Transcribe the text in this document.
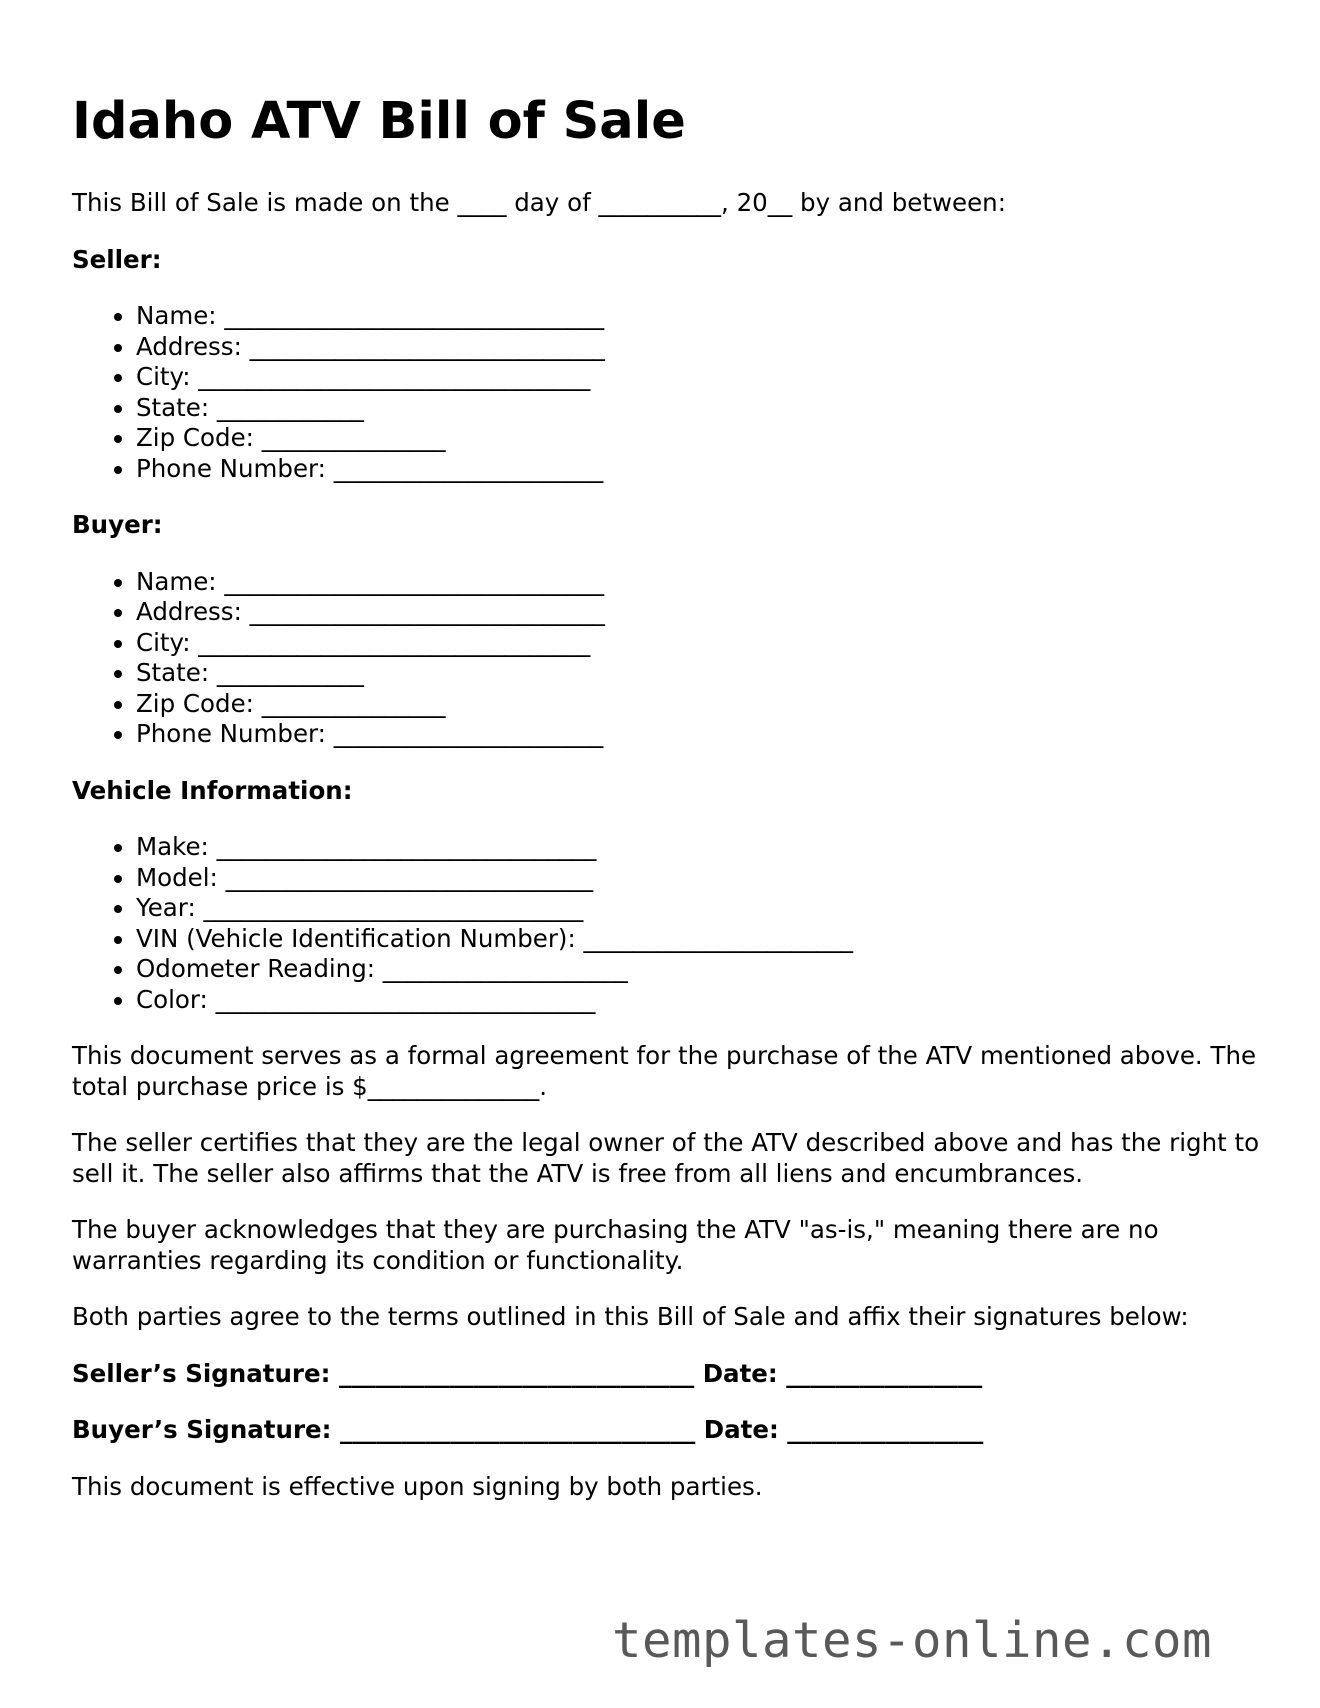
Idaho ATV Bill of Sale

This Bill of Sale is made on the ____ day of __________, 20__ by and between:

Seller:

• Name: _______________________________
• Address: _____________________________
• City: ________________________________
• State: ____________
• Zip Code: _______________
• Phone Number: ______________________

Buyer:

• Name: _______________________________
• Address: _____________________________
• City: ________________________________
• State: ____________
• Zip Code: _______________
• Phone Number: ______________________

Vehicle Information:

• Make: _______________________________
• Model: ______________________________
• Year: _______________________________
• VIN (Vehicle Identification Number): ______________________
• Odometer Reading: ____________________
• Color: _______________________________

This document serves as a formal agreement for the purchase of the ATV mentioned above. The total purchase price is $______________.

The seller certifies that they are the legal owner of the ATV described above and has the right to sell it. The seller also affirms that the ATV is free from all liens and encumbrances.

The buyer acknowledges that they are purchasing the ATV "as-is," meaning there are no warranties regarding its condition or functionality.

Both parties agree to the terms outlined in this Bill of Sale and affix their signatures below:

Seller’s Signature: _____________________________ Date: ________________

Buyer’s Signature: _____________________________ Date: ________________

This document is effective upon signing by both parties.

templates-online.com
